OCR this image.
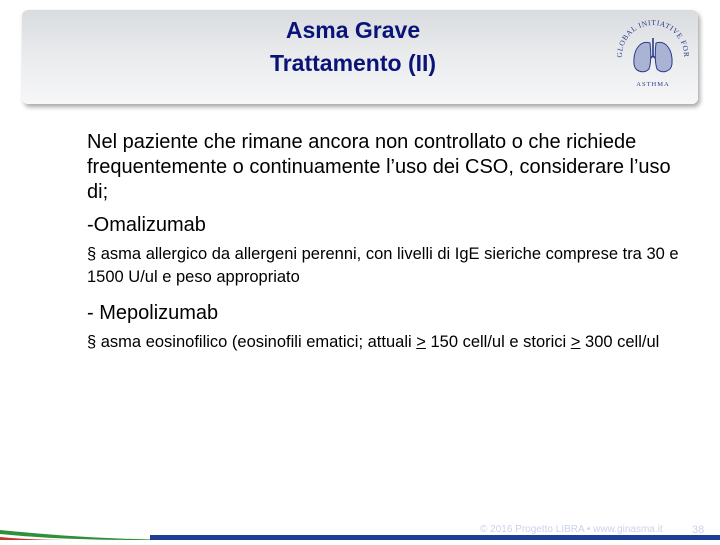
Asma Grave
Trattamento (II)	GLOBAL INITIATIVE FOR
ASTHMA

Nel paziente che rimane ancora non controllato o che richiede frequentemente o continuamente l’uso dei CSO, considerare l’uso di;

-Omalizumab

§ asma allergico da allergeni perenni, con livelli di IgE sieriche comprese tra 30 e 1500 U/ul e peso appropriato

- Mepolizumab

§ asma eosinofilico (eosinofili ematici; attuali ≥ 150 cell/ul e storici ≥ 300 cell/ul

© 2016 Progetto LIBRA • www.ginasma.it	38
